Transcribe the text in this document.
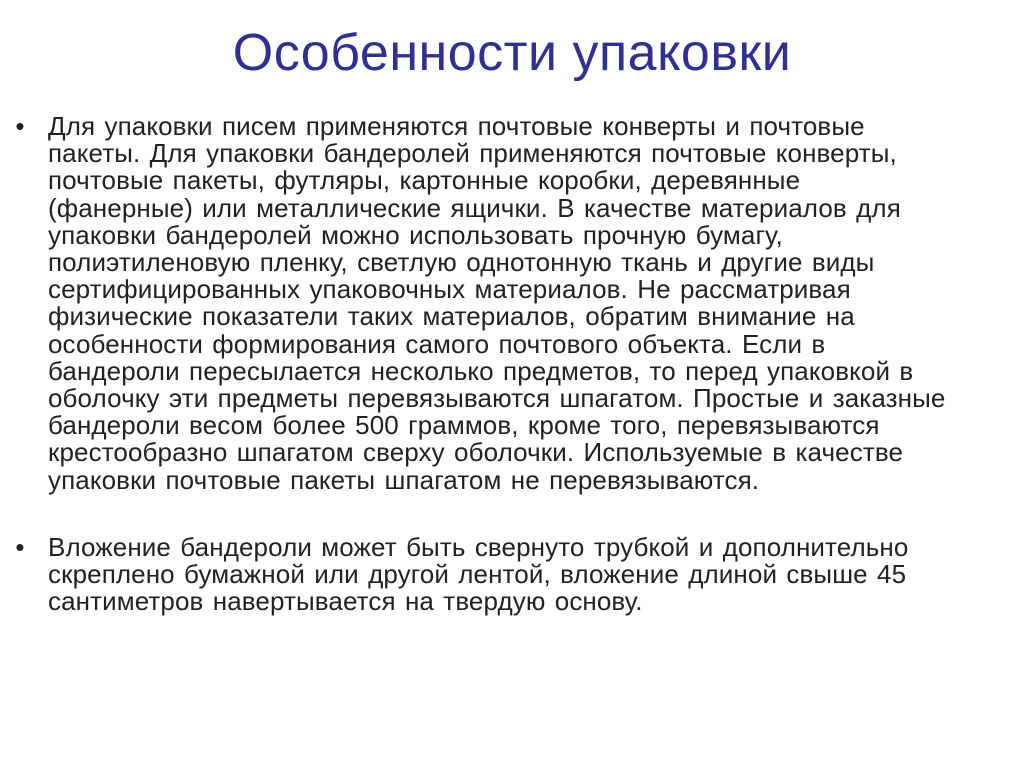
Особенности упаковки
• Для упаковки писем применяются почтовые конверты и почтовые
пакеты. Для упаковки бандеролей применяются почтовые конверты,
почтовые пакеты, футляры, картонные коробки, деревянные
(фанерные) или металлические ящички. В качестве материалов для
упаковки бандеролей можно использовать прочную бумагу,
полиэтиленовую пленку, светлую однотонную ткань и другие виды
сертифицированных упаковочных материалов. Не рассматривая
физические показатели таких материалов, обратим внимание на
особенности формирования самого почтового объекта. Если в
бандероли пересылается несколько предметов, то перед упаковкой в
оболочку эти предметы перевязываются шпагатом. Простые и заказные
бандероли весом более 500 граммов, кроме того, перевязываются
крестообразно шпагатом сверху оболочки. Используемые в качестве
упаковки почтовые пакеты шпагатом не перевязываются.
• Вложение бандероли может быть свернуто трубкой и дополнительно
скреплено бумажной или другой лентой, вложение длиной свыше 45
сантиметров навертывается на твердую основу.
